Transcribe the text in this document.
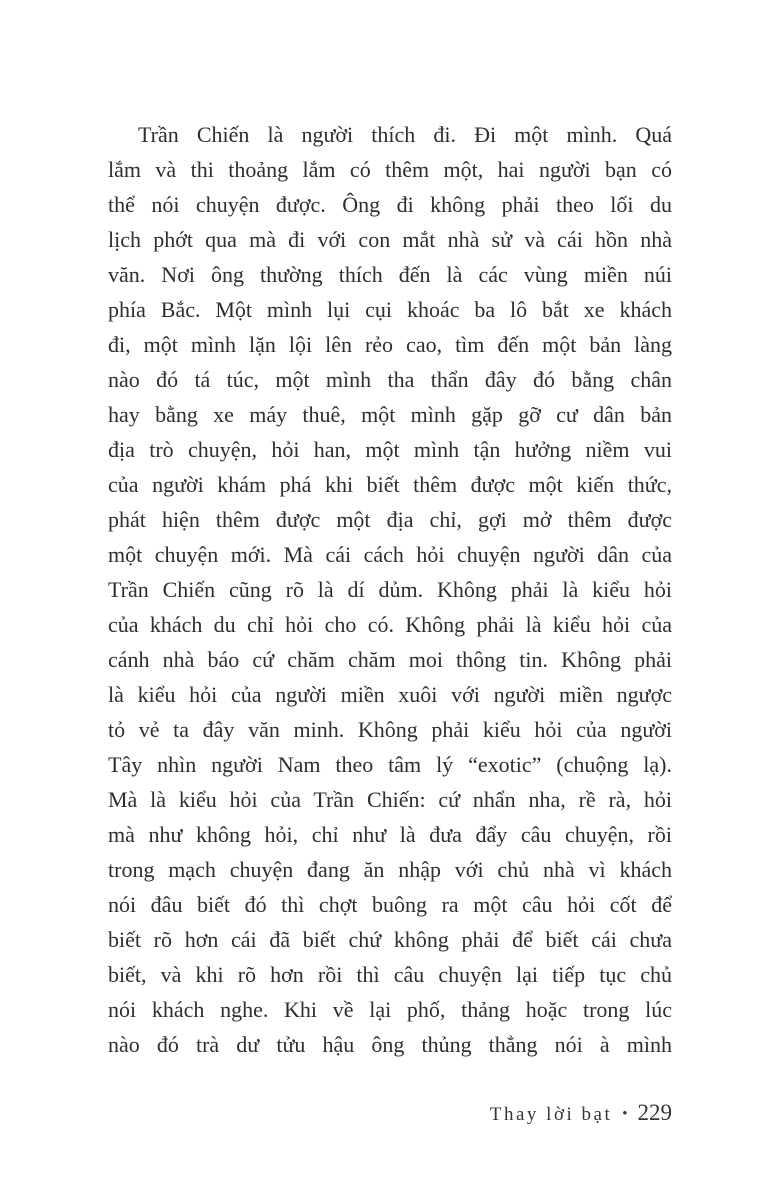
Trần Chiến là người thích đi. Đi một mình. Quá
lắm và thi thoảng lắm có thêm một, hai người bạn có
thể nói chuyện được. Ông đi không phải theo lối du
lịch phớt qua mà đi với con mắt nhà sử và cái hồn nhà
văn. Nơi ông thường thích đến là các vùng miền núi
phía Bắc. Một mình lụi cụi khoác ba lô bắt xe khách
đi, một mình lặn lội lên rẻo cao, tìm đến một bản làng
nào đó tá túc, một mình tha thẩn đây đó bằng chân
hay bằng xe máy thuê, một mình gặp gỡ cư dân bản
địa trò chuyện, hỏi han, một mình tận hưởng niềm vui
của người khám phá khi biết thêm được một kiến thức,
phát hiện thêm được một địa chỉ, gợi mở thêm được
một chuyện mới. Mà cái cách hỏi chuyện người dân của
Trần Chiến cũng rõ là dí dủm. Không phải là kiểu hỏi
của khách du chỉ hỏi cho có. Không phải là kiểu hỏi của
cánh nhà báo cứ chăm chăm moi thông tin. Không phải
là kiểu hỏi của người miền xuôi với người miền ngược
tỏ vẻ ta đây văn minh. Không phải kiểu hỏi của người
Tây nhìn người Nam theo tâm lý “exotic” (chuộng lạ).
Mà là kiểu hỏi của Trần Chiến: cứ nhẩn nha, rề rà, hỏi
mà như không hỏi, chỉ như là đưa đẩy câu chuyện, rồi
trong mạch chuyện đang ăn nhập với chủ nhà vì khách
nói đâu biết đó thì chợt buông ra một câu hỏi cốt để
biết rõ hơn cái đã biết chứ không phải để biết cái chưa
biết, và khi rõ hơn rồi thì câu chuyện lại tiếp tục chủ
nói khách nghe. Khi về lại phố, thảng hoặc trong lúc
nào đó trà dư tửu hậu ông thủng thẳng nói à mình
Thay lời bạt • 229
